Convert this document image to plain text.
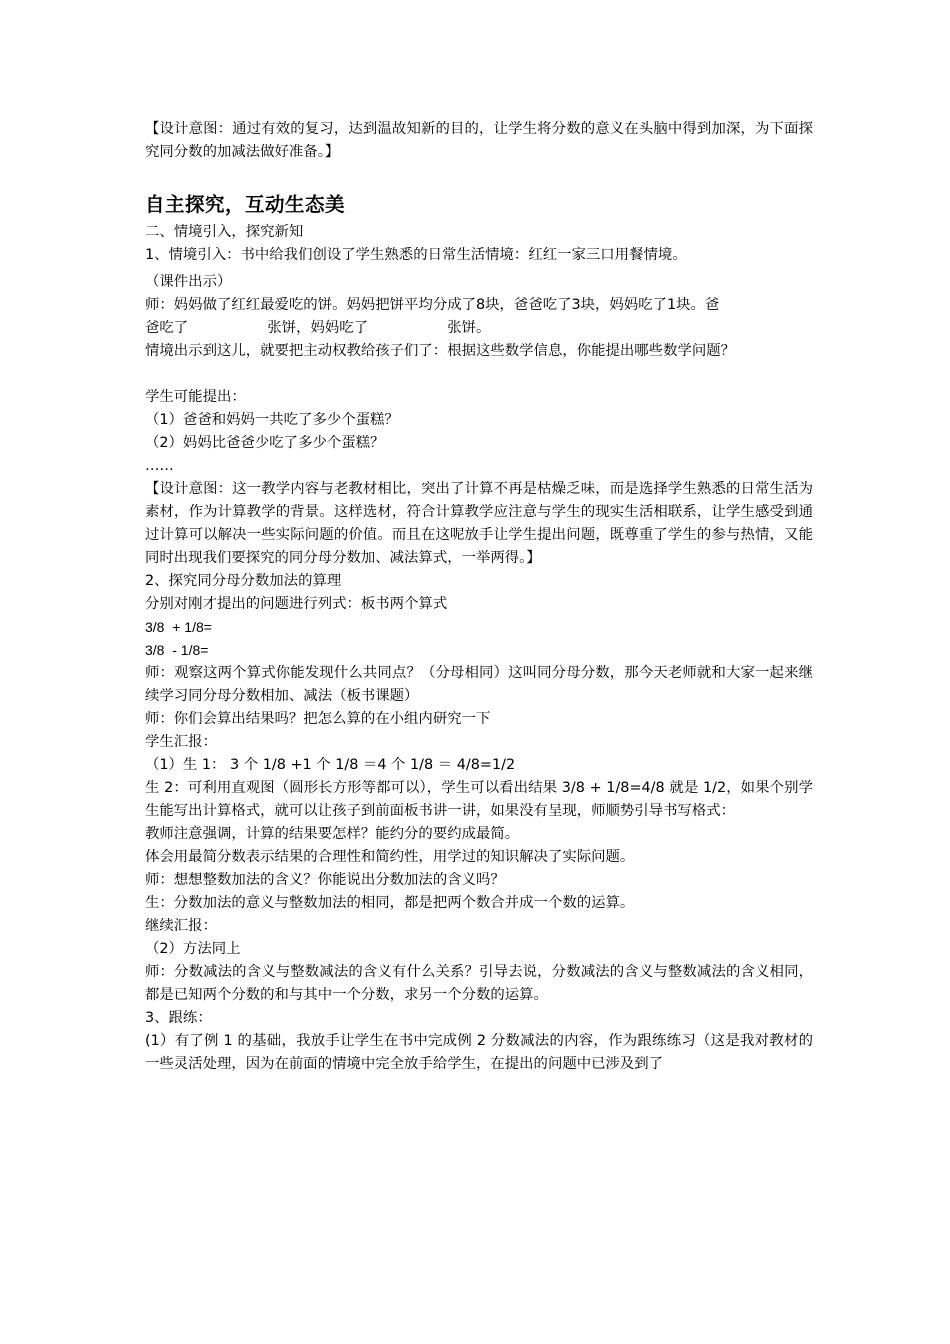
【设计意图：通过有效的复习，达到温故知新的目的，让学生将分数的意义在头脑中得到加深，为下面探究同分数的加减法做好准备。】

自主探究，互动生态美

二、情境引入，探究新知

1、情境引入：书中给我们创设了学生熟悉的日常生活情境：红红一家三口用餐情境。

（课件出示）

师：妈妈做了红红最爱吃的饼。妈妈把饼平均分成了8块，爸爸吃了3块，妈妈吃了1块。爸

爸吃了	张饼，妈妈吃了	张饼。

情境出示到这儿，就要把主动权教给孩子们了：根据这些数学信息，你能提出哪些数学问题？

学生可能提出：

（1）爸爸和妈妈一共吃了多少个蛋糕？

（2）妈妈比爸爸少吃了多少个蛋糕？

……

【设计意图：这一教学内容与老教材相比，突出了计算不再是枯燥乏味，而是选择学生熟悉的日常生活为素材，作为计算教学的背景。这样选材，符合计算教学应注意与学生的现实生活相联系，让学生感受到通过计算可以解决一些实际问题的价值。而且在这呢放手让学生提出问题，既尊重了学生的参与热情，又能同时出现我们要探究的同分母分数加、减法算式，一举两得。】

2、探究同分母分数加法的算理

分别对刚才提出的问题进行列式：板书两个算式

3/8  + 1/8=

3/8  - 1/8=

师：观察这两个算式你能发现什么共同点？（分母相同）这叫同分母分数，那今天老师就和大家一起来继续学习同分母分数相加、减法（板书课题）

师：你们会算出结果吗？把怎么算的在小组内研究一下

学生汇报：

（1）生 1： 3 个 1/8 +1 个 1/8 ＝4 个 1/8 ＝ 4/8=1/2

生 2：可利用直观图（圆形长方形等都可以），学生可以看出结果 3/8 + 1/8=4/8 就是 1/2，如果个别学生能写出计算格式，就可以让孩子到前面板书讲一讲，如果没有呈现，师顺势引导书写格式：

教师注意强调，计算的结果要怎样？能约分的要约成最简。

体会用最简分数表示结果的合理性和简约性，用学过的知识解决了实际问题。

师：想想整数加法的含义？你能说出分数加法的含义吗？

生：分数加法的意义与整数加法的相同，都是把两个数合并成一个数的运算。

继续汇报：

（2）方法同上

师：分数减法的含义与整数减法的含义有什么关系？引导去说，分数减法的含义与整数减法的含义相同，都是已知两个分数的和与其中一个分数，求另一个分数的运算。

3、跟练：

(1）有了例 1 的基础，我放手让学生在书中完成例 2 分数减法的内容，作为跟练练习（这是我对教材的一些灵活处理，因为在前面的情境中完全放手给学生，在提出的问题中已涉及到了
